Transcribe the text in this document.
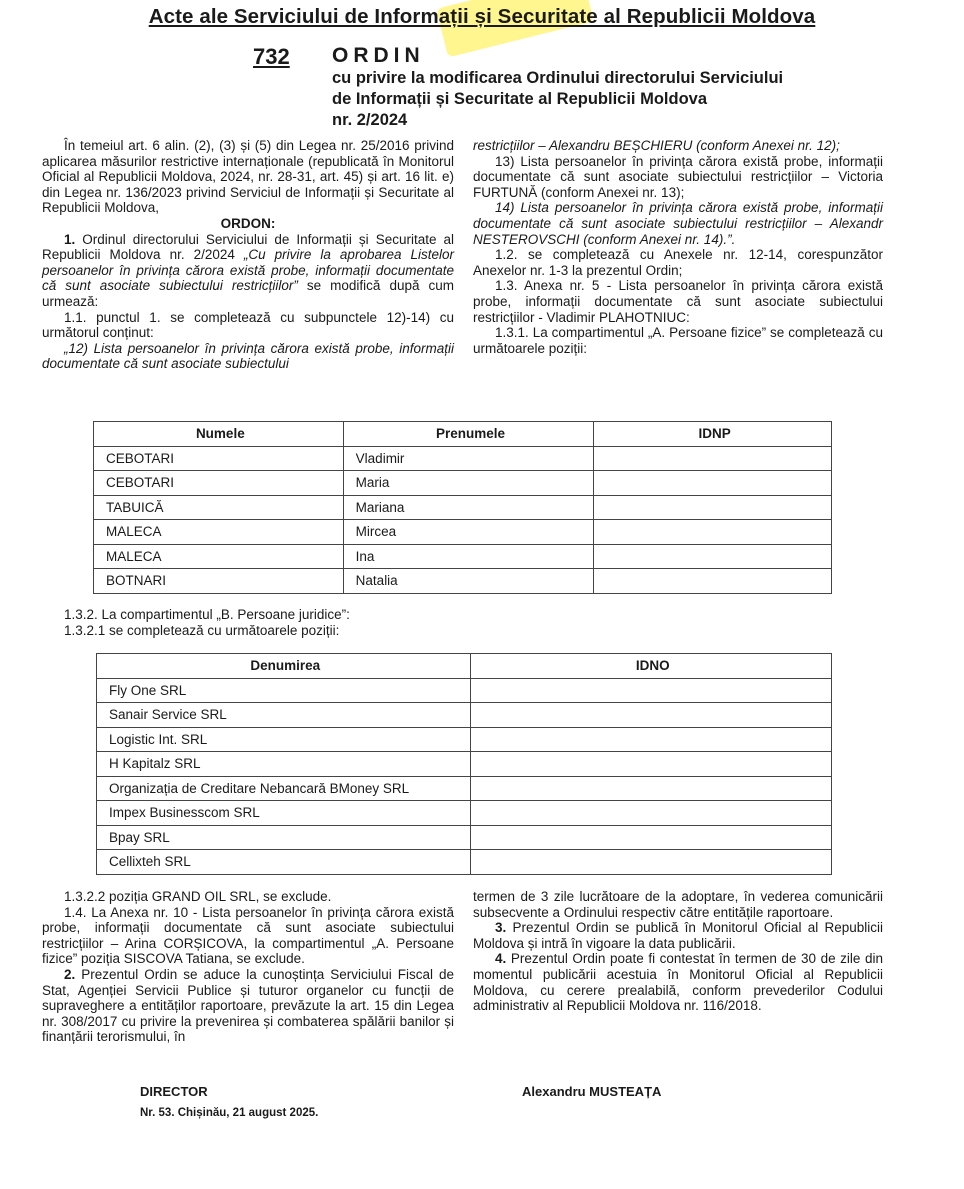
Acte ale Serviciului de Informații și Securitate al Republicii Moldova
732 ORDIN
cu privire la modificarea Ordinului directorului Serviciului
de Informații și Securitate al Republicii Moldova
nr. 2/2024

În temeiul art. 6 alin. (2), (3) și (5) din Legea nr. 25/2016 privind aplicarea măsurilor restrictive internaționale (republicată în Monitorul Oficial al Republicii Moldova, 2024, nr. 28-31, art. 45) și art. 16 lit. e) din Legea nr. 136/2023 privind Serviciul de Informații și Securitate al Republicii Moldova,

ORDON:

1. Ordinul directorului Serviciului de Informații și Securitate al Republicii Moldova nr. 2/2024 „Cu privire la aprobarea Listelor persoanelor în privința cărora există probe, informații documentate că sunt asociate subiectului restricțiilor” se modifică după cum urmează:

1.1. punctul 1. se completează cu subpunctele 12)-14) cu următorul conținut:

„12) Lista persoanelor în privința cărora există probe, informații documentate că sunt asociate subiectului

restricțiilor – Alexandru BEȘCHIERU (conform Anexei nr. 12);

13) Lista persoanelor în privința cărora există probe, informații documentate că sunt asociate subiectului restricțiilor – Victoria FURTUNĂ (conform Anexei nr. 13);

14) Lista persoanelor în privința cărora există probe, informații documentate că sunt asociate subiectului restricțiilor – Alexandr NESTEROVSCHI (conform Anexei nr. 14).”.

1.2. se completează cu Anexele nr. 12-14, corespunzător Anexelor nr. 1-3 la prezentul Ordin;

1.3. Anexa nr. 5 - Lista persoanelor în privința cărora există probe, informații documentate că sunt asociate subiectului restricțiilor - Vladimir PLAHOTNIUC:

1.3.1. La compartimentul „A. Persoane fizice” se completează cu următoarele poziții:

Numele	Prenumele	IDNP
CEBOTARI	Vladimir	
CEBOTARI	Maria	
TABUICĂ	Mariana	
MALECA	Mircea	
MALECA	Ina	
BOTNARI	Natalia	

1.3.2. La compartimentul „B. Persoane juridice”:

1.3.2.1 se completează cu următoarele poziții:

Denumirea	IDNO
Fly One SRL	
Sanair Service SRL	
Logistic Int. SRL	
H Kapitalz SRL	
Organizația de Creditare Nebancară BMoney SRL	
Impex Businesscom SRL	
Bpay SRL	
Cellixteh SRL	

1.3.2.2 poziția GRAND OIL SRL, se exclude.

1.4. La Anexa nr. 10 - Lista persoanelor în privința cărora există probe, informații documentate că sunt asociate subiectului restricțiilor – Arina CORȘICOVA, la compartimentul „A. Persoane fizice” poziția SISCOVA Tatiana, se exclude.

2. Prezentul Ordin se aduce la cunoștința Serviciului Fiscal de Stat, Agenției Servicii Publice și tuturor organelor cu funcții de supraveghere a entităților raportoare, prevăzute la art. 15 din Legea nr. 308/2017 cu privire la prevenirea și combaterea spălării banilor și finanțării terorismului, în

termen de 3 zile lucrătoare de la adoptare, în vederea comunicării subsecvente a Ordinului respectiv către entitățile raportoare.

3. Prezentul Ordin se publică în Monitorul Oficial al Republicii Moldova și intră în vigoare la data publicării.

4. Prezentul Ordin poate fi contestat în termen de 30 de zile din momentul publicării acestuia în Monitorul Oficial al Republicii Moldova, cu cerere prealabilă, conform prevederilor Codului administrativ al Republicii Moldova nr. 116/2018.

DIRECTOR	Alexandru MUSTEAȚA
Nr. 53. Chișinău, 21 august 2025.
